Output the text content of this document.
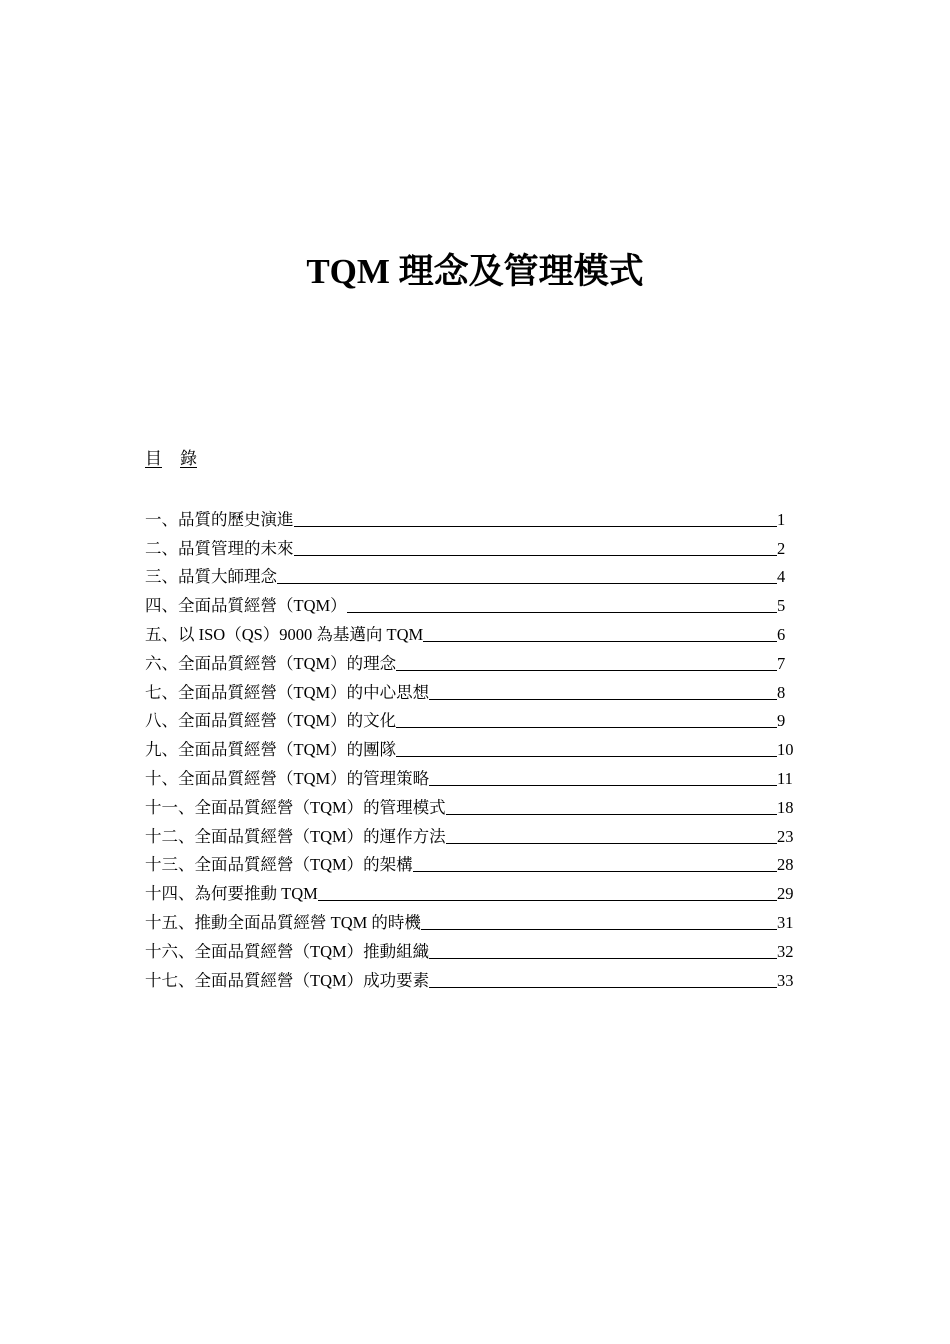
TQM 理念及管理模式
目 錄
一、品質的歷史演進	1
二、品質管理的未來	2
三、品質大師理念	4
四、全面品質經營（TQM）	5
五、以 ISO（QS）9000 為基邁向 TQM	6
六、全面品質經營（TQM）的理念	7
七、全面品質經營（TQM）的中心思想	8
八、全面品質經營（TQM）的文化	9
九、全面品質經營（TQM）的團隊	10
十、全面品質經營（TQM）的管理策略	11
十一、全面品質經營（TQM）的管理模式	18
十二、全面品質經營（TQM）的運作方法	23
十三、全面品質經營（TQM）的架構	28
十四、為何要推動 TQM	29
十五、推動全面品質經營 TQM 的時機	31
十六、全面品質經營（TQM）推動組織	32
十七、全面品質經營（TQM）成功要素	33
